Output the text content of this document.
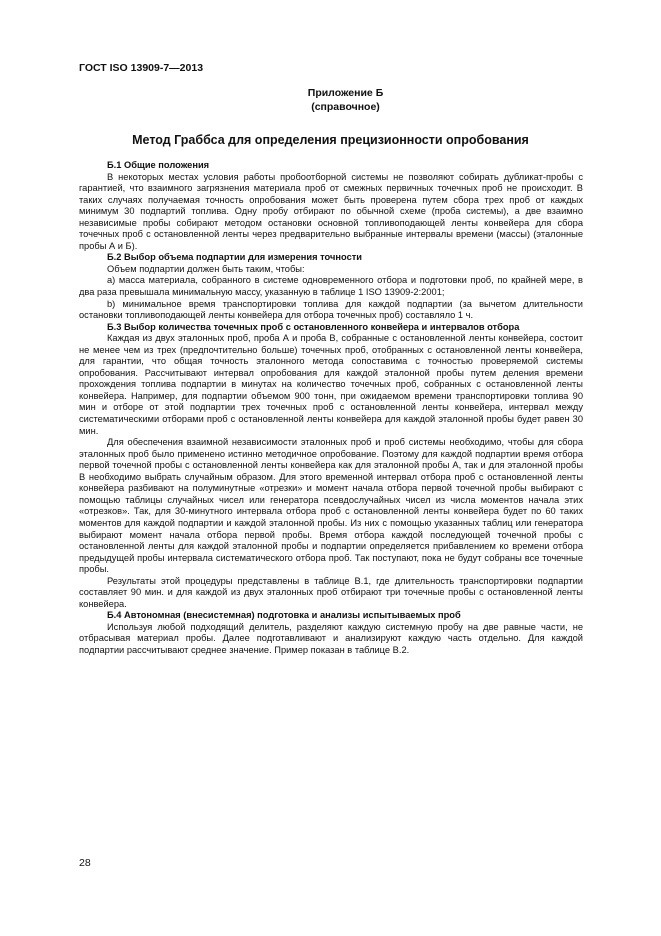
ГОСТ ISO 13909-7—2013
Приложение Б
(справочное)
Метод Граббса для определения прецизионности опробования
Б.1 Общие положения

В некоторых местах условия работы пробоотборной системы не позволяют собирать дубликат-пробы с гарантией, что взаимного загрязнения материала проб от смежных первичных точечных проб не происходит. В таких случаях получаемая точность опробования может быть проверена путем сбора трех проб от каждых минимум 30 подпартий топлива. Одну пробу отбирают по обычной схеме (проба системы), а две взаимно независимые пробы собирают методом остановки основной топливоподающей ленты конвейера для сбора точечных проб с остановленной ленты через предварительно выбранные интервалы времени (массы) (эталонные пробы А и Б).

Б.2 Выбор объема подпартии для измерения точности

Объем подпартии должен быть таким, чтобы:

а) масса материала, собранного в системе одновременного отбора и подготовки проб, по крайней мере, в два раза превышала минимальную массу, указанную в таблице 1 ISO 13909-2:2001;

b) минимальное время транспортировки топлива для каждой подпартии (за вычетом длительности остановки топливоподающей ленты конвейера для отбора точечных проб) составляло 1 ч.

Б.3 Выбор количества точечных проб с остановленного конвейера и интервалов отбора

Каждая из двух эталонных проб, проба А и проба В, собранные с остановленной ленты конвейера, состоит не менее чем из трех (предпочтительно больше) точечных проб, отобранных с остановленной ленты конвейера, для гарантии, что общая точность эталонного метода сопоставима с точностью проверяемой системы опробования. Рассчитывают интервал опробования для каждой эталонной пробы путем деления времени прохождения топлива подпартии в минутах на количество точечных проб, собранных с остановленной ленты конвейера. Например, для подпартии объемом 900 тонн, при ожидаемом времени транспортировки топлива 90 мин и отборе от этой подпартии трех точечных проб с остановленной ленты конвейера, интервал между систематическими отборами проб с остановленной ленты конвейера для каждой эталонной пробы будет равен 30 мин.

Для обеспечения взаимной независимости эталонных проб и проб системы необходимо, чтобы для сбора эталонных проб было применено истинно методичное опробование. Поэтому для каждой подпартии время отбора первой точечной пробы с остановленной ленты конвейера как для эталонной пробы А, так и для эталонной пробы В необходимо выбрать случайным образом. Для этого временной интервал отбора проб с остановленной ленты конвейера разбивают на полуминутные «отрезки» и момент начала отбора первой точечной пробы выбирают с помощью таблицы случайных чисел или генератора псевдослучайных чисел из числа моментов начала этих «отрезков». Так, для 30-минутного интервала отбора проб с остановленной ленты конвейера будет по 60 таких моментов для каждой подпартии и каждой эталонной пробы. Из них с помощью указанных таблиц или генератора выбирают момент начала отбора первой пробы. Время отбора каждой последующей точечной пробы с остановленной ленты для каждой эталонной пробы и подпартии определяется прибавлением ко времени отбора предыдущей пробы интервала систематического отбора проб. Так поступают, пока не будут собраны все точечные пробы.

Результаты этой процедуры представлены в таблице В.1, где длительность транспортировки подпартии составляет 90 мин. и для каждой из двух эталонных проб отбирают три точечные пробы с остановленной ленты конвейера.

Б.4 Автономная (внесистемная) подготовка и анализы испытываемых проб

Используя любой подходящий делитель, разделяют каждую системную пробу на две равные части, не отбрасывая материал пробы. Далее подготавливают и анализируют каждую часть отдельно. Для каждой подпартии рассчитывают среднее значение. Пример показан в таблице В.2.

28
